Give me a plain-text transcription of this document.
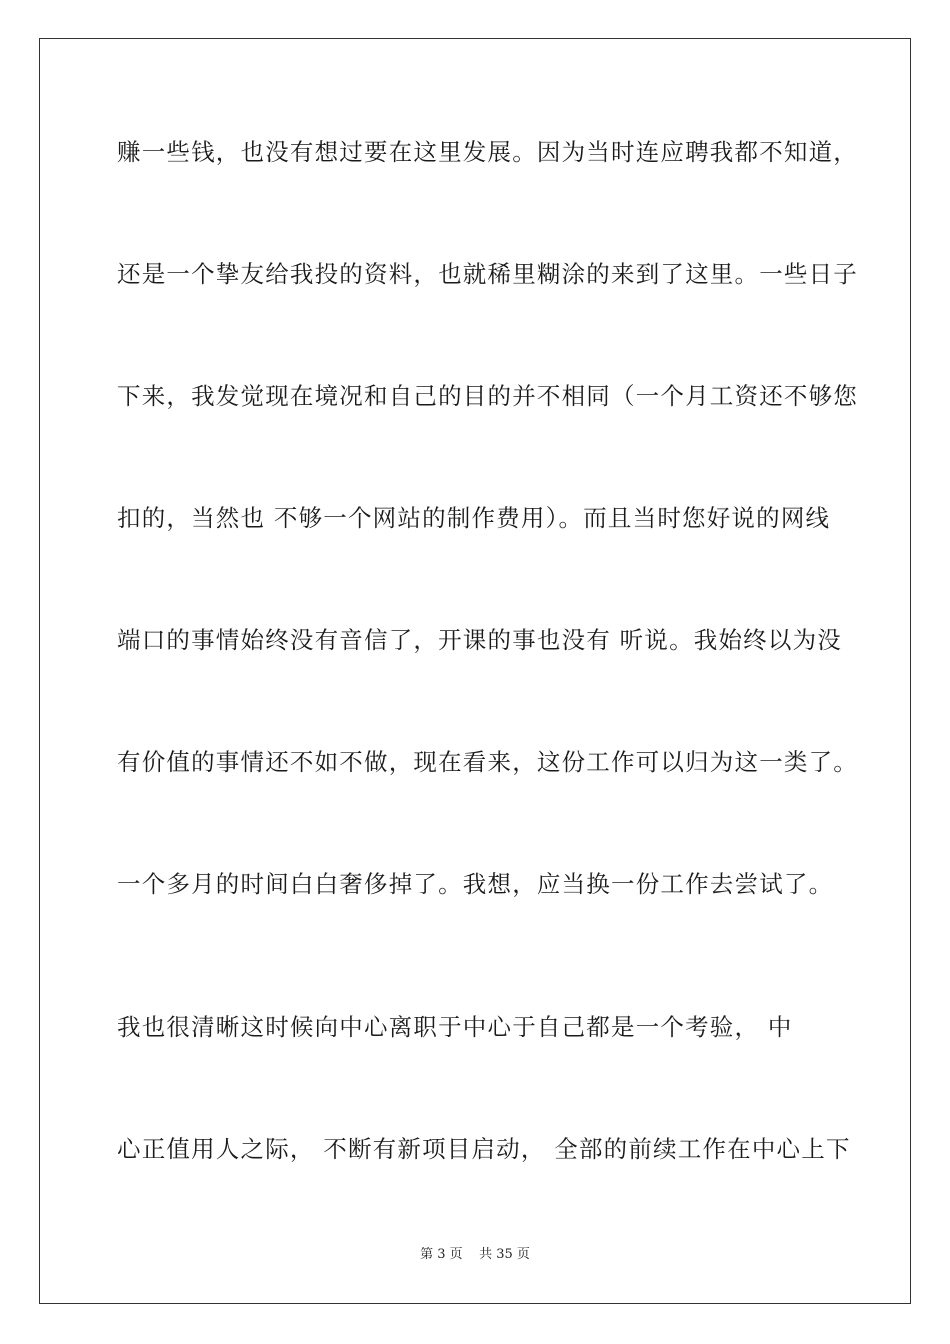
赚一些钱，也没有想过要在这里发展。因为当时连应聘我都不知道，
还是一个挚友给我投的资料，也就稀里糊涂的来到了这里。一些日子
下来，我发觉现在境况和自己的目的并不相同（一个月工资还不够您
扣的，当然也 不够一个网站的制作费用）。而且当时您好说的网线
端口的事情始终没有音信了，开课的事也没有 听说。我始终以为没
有价值的事情还不如不做，现在看来，这份工作可以归为这一类了。
一个多月的时间白白奢侈掉了。我想，应当换一份工作去尝试了。
我也很清晰这时候向中心离职于中心于自己都是一个考验， 中
心正值用人之际， 不断有新项目启动， 全部的前续工作在中心上下
第 3 页    共 35 页
